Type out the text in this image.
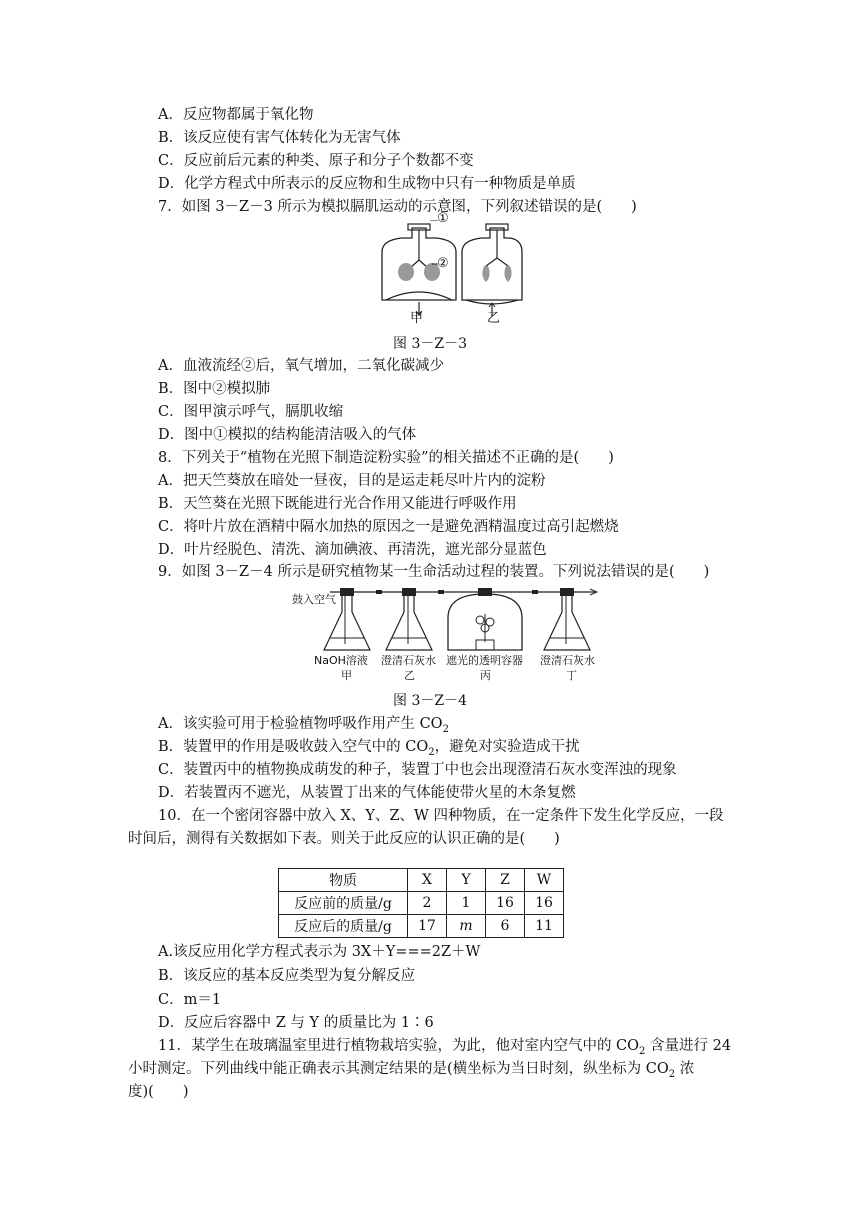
A．反应物都属于氧化物
B．该反应使有害气体转化为无害气体
C．反应前后元素的种类、原子和分子个数都不变
D．化学方程式中所表示的反应物和生成物中只有一种物质是单质
7．如图 3－Z－3 所示为模拟膈肌运动的示意图，下列叙述错误的是(　　)
①
②
甲	乙
图 3－Z－3
A．血液流经②后，氧气增加，二氧化碳减少
B．图中②模拟肺
C．图甲演示呼气，膈肌收缩
D．图中①模拟的结构能清洁吸入的气体
8．下列关于“植物在光照下制造淀粉实验”的相关描述不正确的是(　　)
A．把天竺葵放在暗处一昼夜，目的是运走耗尽叶片内的淀粉
B．天竺葵在光照下既能进行光合作用又能进行呼吸作用
C．将叶片放在酒精中隔水加热的原因之一是避免酒精温度过高引起燃烧
D．叶片经脱色、清洗、滴加碘液、再清洗，遮光部分显蓝色
9．如图 3－Z－4 所示是研究植物某一生命活动过程的装置。下列说法错误的是(　　)
鼓入空气
NaOH溶液
甲
澄清石灰水
乙
遮光的透明容器
丙
澄清石灰水
丁
图 3－Z－4
A．该实验可用于检验植物呼吸作用产生 $CO_2$
B．装置甲的作用是吸收鼓入空气中的 $CO_2$，避免对实验造成干扰
C．装置丙中的植物换成萌发的种子，装置丁中也会出现澄清石灰水变浑浊的现象
D．若装置丙不遮光，从装置丁出来的气体能使带火星的木条复燃
10．在一个密闭容器中放入 X、Y、Z、W 四种物质，在一定条件下发生化学反应，一段
时间后，测得有关数据如下表。则关于此反应的认识正确的是(　　)
物质	X	Y	Z	W
反应前的质量/g	2	1	16	16
反应后的质量/g	17	m	6	11
A.该反应用化学方程式表示为 3X＋Y===2Z＋W
B．该反应的基本反应类型为复分解反应
C．m＝1
D．反应后容器中 Z 与 Y 的质量比为 1∶6
11．某学生在玻璃温室里进行植物栽培实验，为此，他对室内空气中的 $CO_2$ 含量进行 24
小时测定。下列曲线中能正确表示其测定结果的是(横坐标为当日时刻，纵坐标为 $CO_2$ 浓
度)(　　)
